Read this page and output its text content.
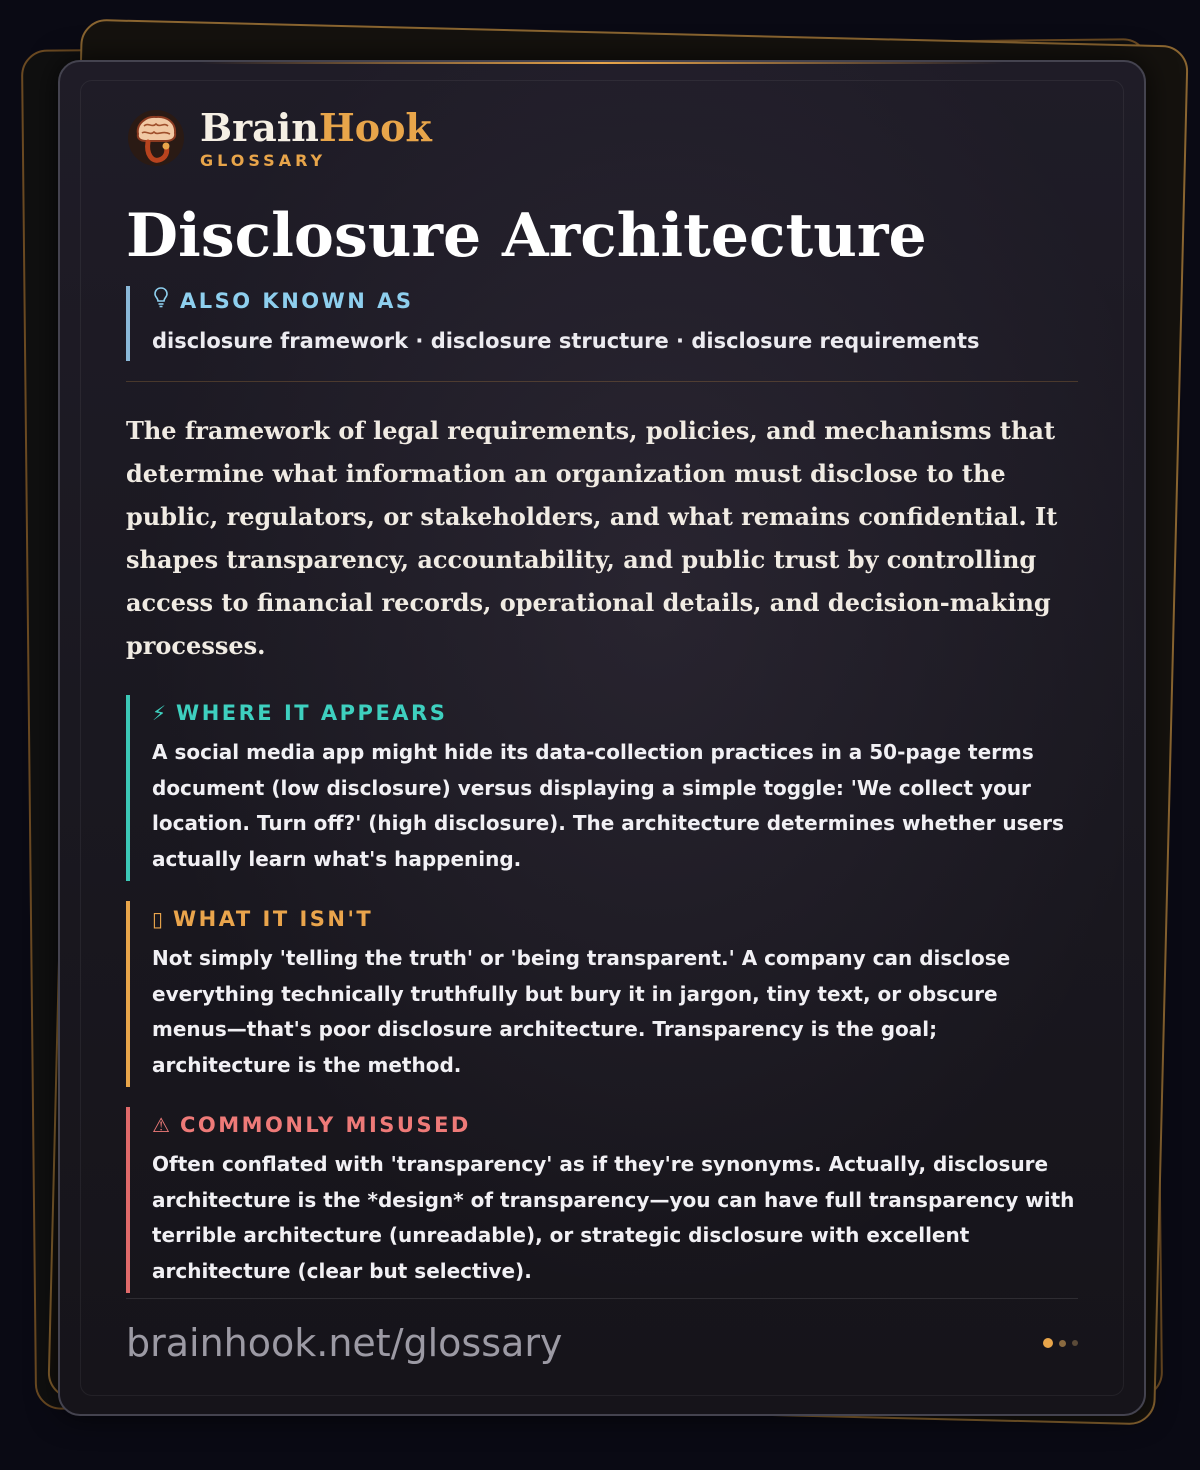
BrainHook
GLOSSARY
Disclosure Architecture
ALSO KNOWN AS
disclosure framework · disclosure structure · disclosure requirements

The framework of legal requirements, policies, and mechanisms that determine what information an organization must disclose to the public, regulators, or stakeholders, and what remains confidential. It shapes transparency, accountability, and public trust by controlling access to financial records, operational details, and decision-making processes.

⚡ WHERE IT APPEARS
A social media app might hide its data-collection practices in a 50-page terms document (low disclosure) versus displaying a simple toggle: 'We collect your location. Turn off?' (high disclosure). The architecture determines whether users actually learn what's happening.
▯ WHAT IT ISN'T
Not simply 'telling the truth' or 'being transparent.' A company can disclose everything technically truthfully but bury it in jargon, tiny text, or obscure menus—that's poor disclosure architecture. Transparency is the goal; architecture is the method.
⚠ COMMONLY MISUSED
Often conflated with 'transparency' as if they're synonyms. Actually, disclosure architecture is the *design* of transparency—you can have full transparency with terrible architecture (unreadable), or strategic disclosure with excellent architecture (clear but selective).
brainhook.net/glossary
